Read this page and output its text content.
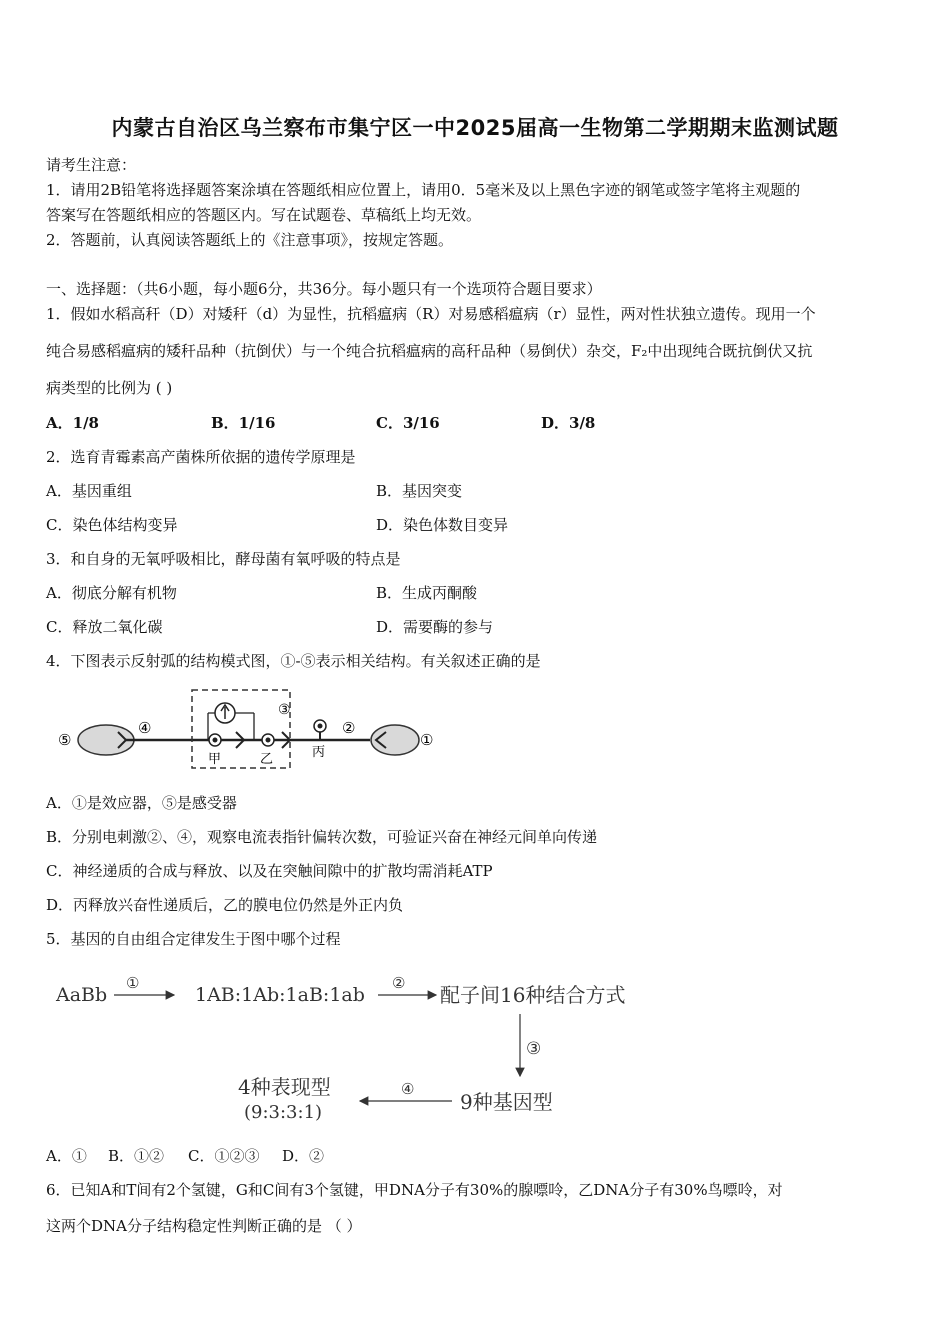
内蒙古自治区乌兰察布市集宁区一中2025届高一生物第二学期期末监测试题
请考生注意：
1．请用2B铅笔将选择题答案涂填在答题纸相应位置上，请用0．5毫米及以上黑色字迹的钢笔或签字笔将主观题的
答案写在答题纸相应的答题区内。写在试题卷、草稿纸上均无效。
2．答题前，认真阅读答题纸上的《注意事项》，按规定答题。
一、选择题：（共6小题，每小题6分，共36分。每小题只有一个选项符合题目要求）
1．假如水稻高秆（D）对矮秆（d）为显性，抗稻瘟病（R）对易感稻瘟病（r）显性，两对性状独立遗传。现用一个
纯合易感稻瘟病的矮秆品种（抗倒伏）与一个纯合抗稻瘟病的高秆品种（易倒伏）杂交，F₂中出现纯合既抗倒伏又抗
病类型的比例为 ( )
A．1/8	B．1/16	C．3/16	D．3/8
2．选育青霉素高产菌株所依据的遗传学原理是
A．基因重组	B．基因突变
C．染色体结构变异	D．染色体数目变异
3．和自身的无氧呼吸相比，酵母菌有氧呼吸的特点是
A．彻底分解有机物	B．生成丙酮酸
C．释放二氧化碳	D．需要酶的参与
4．下图表示反射弧的结构模式图，①-⑤表示相关结构。有关叙述正确的是
⑤
④
甲	乙
③
丙
②
①
A．①是效应器，⑤是感受器
B．分别电刺激②、④，观察电流表指针偏转次数，可验证兴奋在神经元间单向传递
C．神经递质的合成与释放、以及在突触间隙中的扩散均需消耗ATP
D．丙释放兴奋性递质后，乙的膜电位仍然是外正内负
5．基因的自由组合定律发生于图中哪个过程
AaBb
①
1AB:1Ab:1aB:1ab
② 配子间16种结合方式
③
9种基因型
④
4种表现型
(9:3:3:1)
A．① B．①② C．①②③ D．②
6．已知A和T间有2个氢键，G和C间有3个氢键，甲DNA分子有30%的腺嘌呤，乙DNA分子有30%鸟嘌呤，对
这两个DNA分子结构稳定性判断正确的是 （ ）
